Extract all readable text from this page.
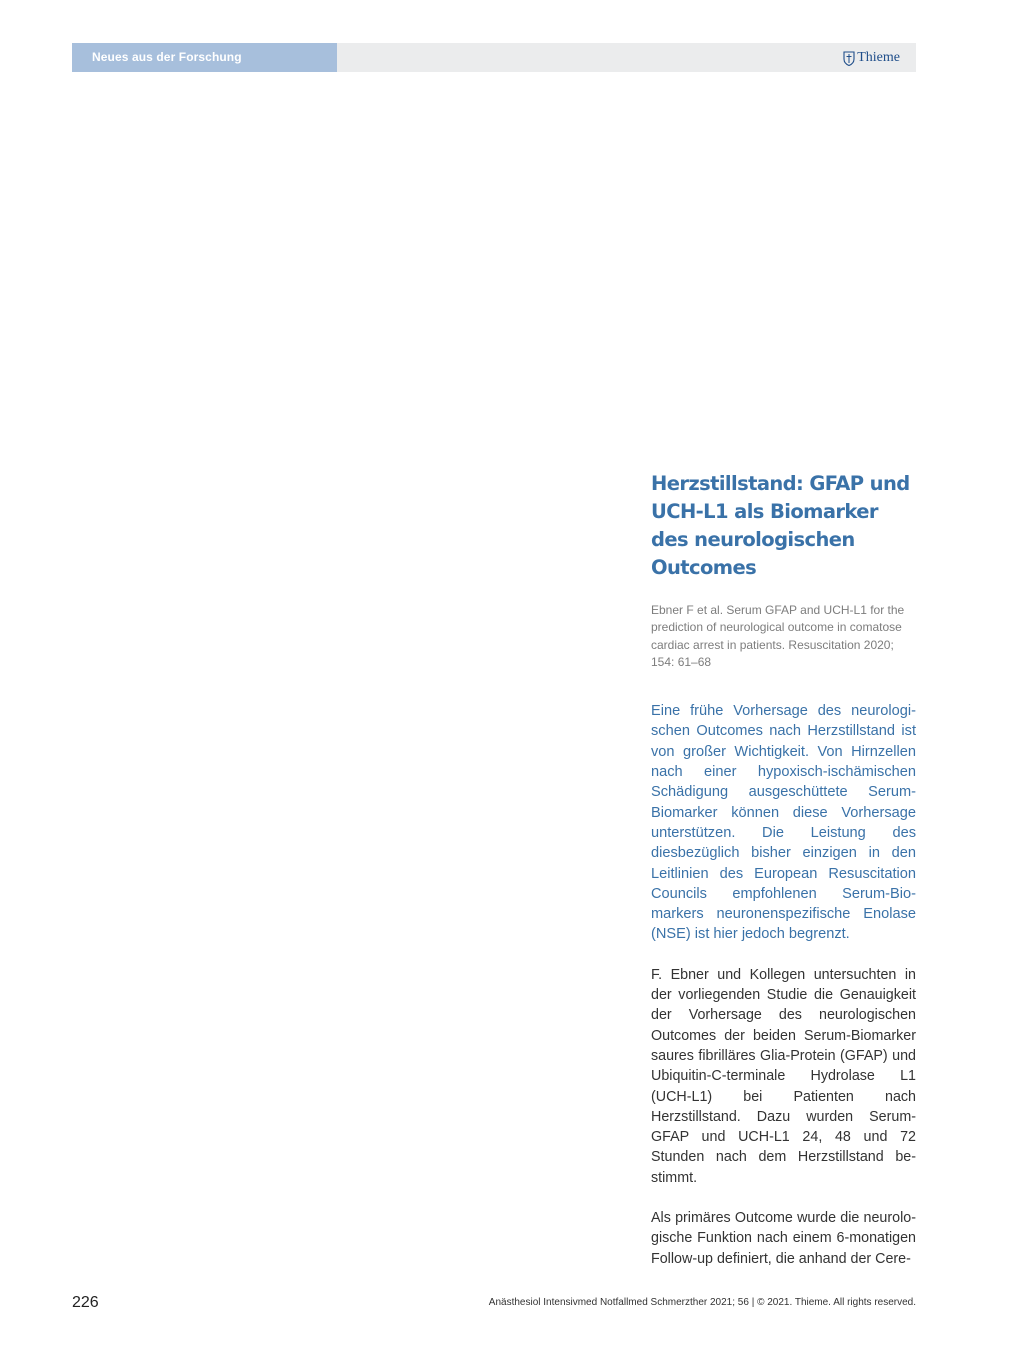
Neues aus der Forschung	Thieme
Herzstillstand: GFAP und UCH-L1 als Biomarker des neurologischen Outcomes

Ebner F et al. Serum GFAP and UCH-L1 for the prediction of neurological outcome in comatose cardiac arrest in patients. Resuscitation 2020; 154: 61–68

Eine frühe Vorhersage des neurologischen Outcomes nach Herzstillstand ist von großer Wichtigkeit. Von Hirnzellen nach einer hypoxisch-ischämischen Schädigung ausgeschüttete Serum-Biomarker können diese Vorhersage unterstützen. Die Leistung des diesbezüglich bisher einzigen in den Leitlinien des European Resuscitation Councils empfohlenen Serum-Biomarkers neuronenspezifische Enolase (NSE) ist hier jedoch begrenzt.

F. Ebner und Kollegen untersuchten in der vorliegenden Studie die Genauigkeit der Vorhersage des neurologischen Outcomes der beiden Serum-Biomarker saures fibrilläres Glia-Protein (GFAP) und Ubiquitin-C-terminale Hydrolase L1 (UCH-L1) bei Patienten nach Herzstillstand. Dazu wurden Serum-GFAP und UCH-L1 24, 48 und 72 Stunden nach dem Herzstillstand bestimmt.

Als primäres Outcome wurde die neurologische Funktion nach einem 6-monatigen Follow-up definiert, die anhand der Cere-

226	Anästhesiol Intensivmed Notfallmed Schmerzther 2021; 56 | © 2021. Thieme. All rights reserved.
